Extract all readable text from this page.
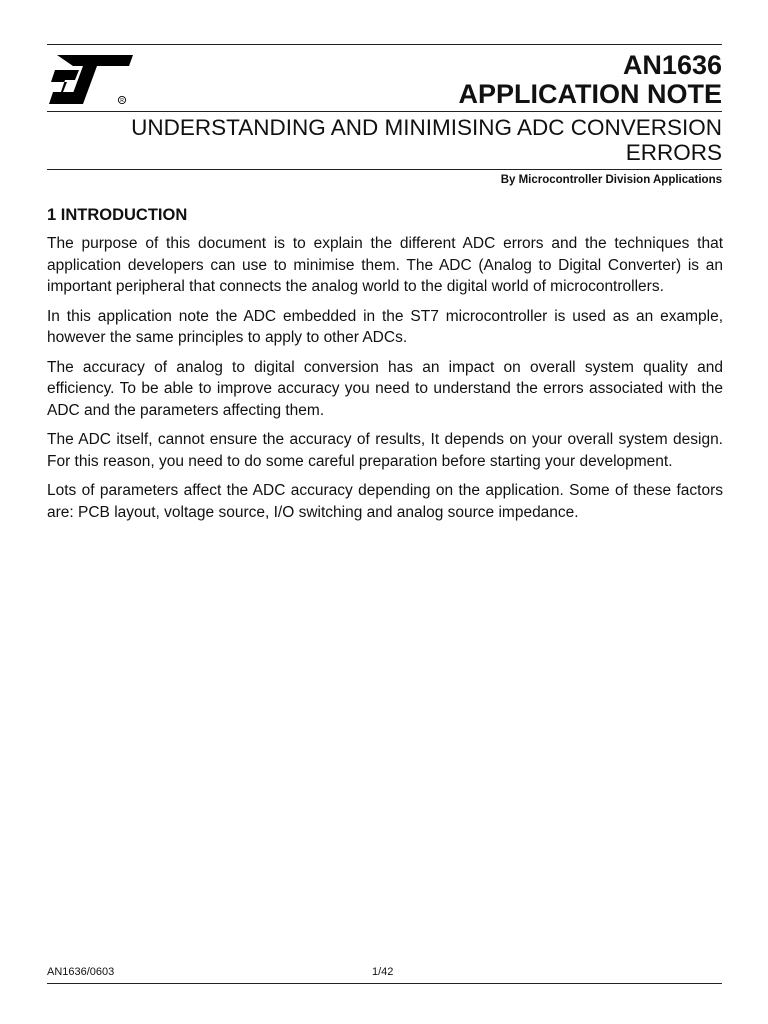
R
AN1636
APPLICATION NOTE
UNDERSTANDING AND MINIMISING ADC CONVERSION ERRORS
By Microcontroller Division Applications
1 INTRODUCTION

The purpose of this document is to explain the different ADC errors and the techniques that application developers can use to minimise them. The ADC (Analog to Digital Converter) is an important peripheral that connects the analog world to the digital world of microcontrollers.

In this application note the ADC embedded in the ST7 microcontroller is used as an example, however the same principles to apply to other ADCs.

The accuracy of analog to digital conversion has an impact on overall system quality and efficiency. To be able to improve accuracy you need to understand the errors associated with the ADC and the parameters affecting them.

The ADC itself, cannot ensure the accuracy of results, It depends on your overall system design. For this reason, you need to do some careful preparation before starting your development.

Lots of parameters affect the ADC accuracy depending on the application. Some of these factors are: PCB layout, voltage source, I/O switching and analog source impedance.

AN1636/0603	1/42
